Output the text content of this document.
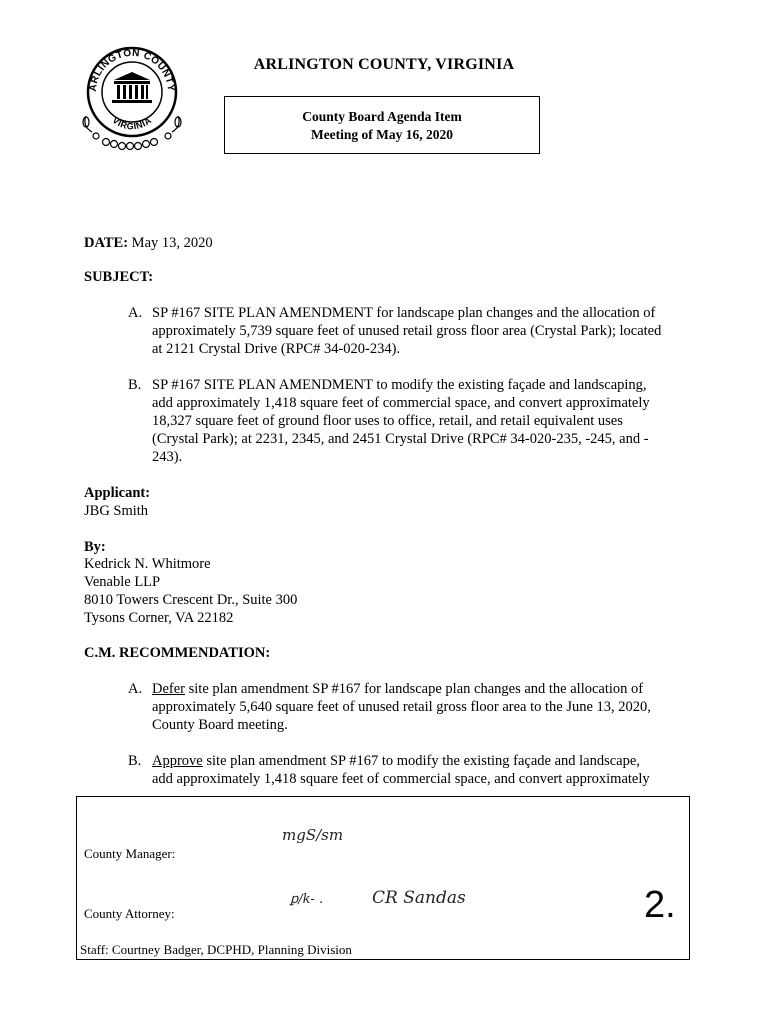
ARLINGTON COUNTY
VIRGINIA
ARLINGTON COUNTY, VIRGINIA
County Board Agenda Item
Meeting of May 16, 2020
DATE: May 13, 2020
SUBJECT:
A. SP #167 SITE PLAN AMENDMENT for landscape plan changes and the allocation of
approximately 5,739 square feet of unused retail gross floor area (Crystal Park); located
at 2121 Crystal Drive (RPC# 34-020-234).
B. SP #167 SITE PLAN AMENDMENT to modify the existing façade and landscaping,
add approximately 1,418 square feet of commercial space, and convert approximately
18,327 square feet of ground floor uses to office, retail, and retail equivalent uses
(Crystal Park); at 2231, 2345, and 2451 Crystal Drive (RPC# 34-020-235, -245, and -
243).
Applicant:
JBG Smith
By:
Kedrick N. Whitmore
Venable LLP
8010 Towers Crescent Dr., Suite 300
Tysons Corner, VA 22182
C.M. RECOMMENDATION:
A. Defer site plan amendment SP #167 for landscape plan changes and the allocation of
approximately 5,640 square feet of unused retail gross floor area to the June 13, 2020,
County Board meeting.
B. Approve site plan amendment SP #167 to modify the existing façade and landscape,
add approximately 1,418 square feet of commercial space, and convert approximately
mgS/sm
County Manager:
ꝑ/k‑ .	CR Sandas
County Attorney:	2.
Staff: Courtney Badger, DCPHD, Planning Division
